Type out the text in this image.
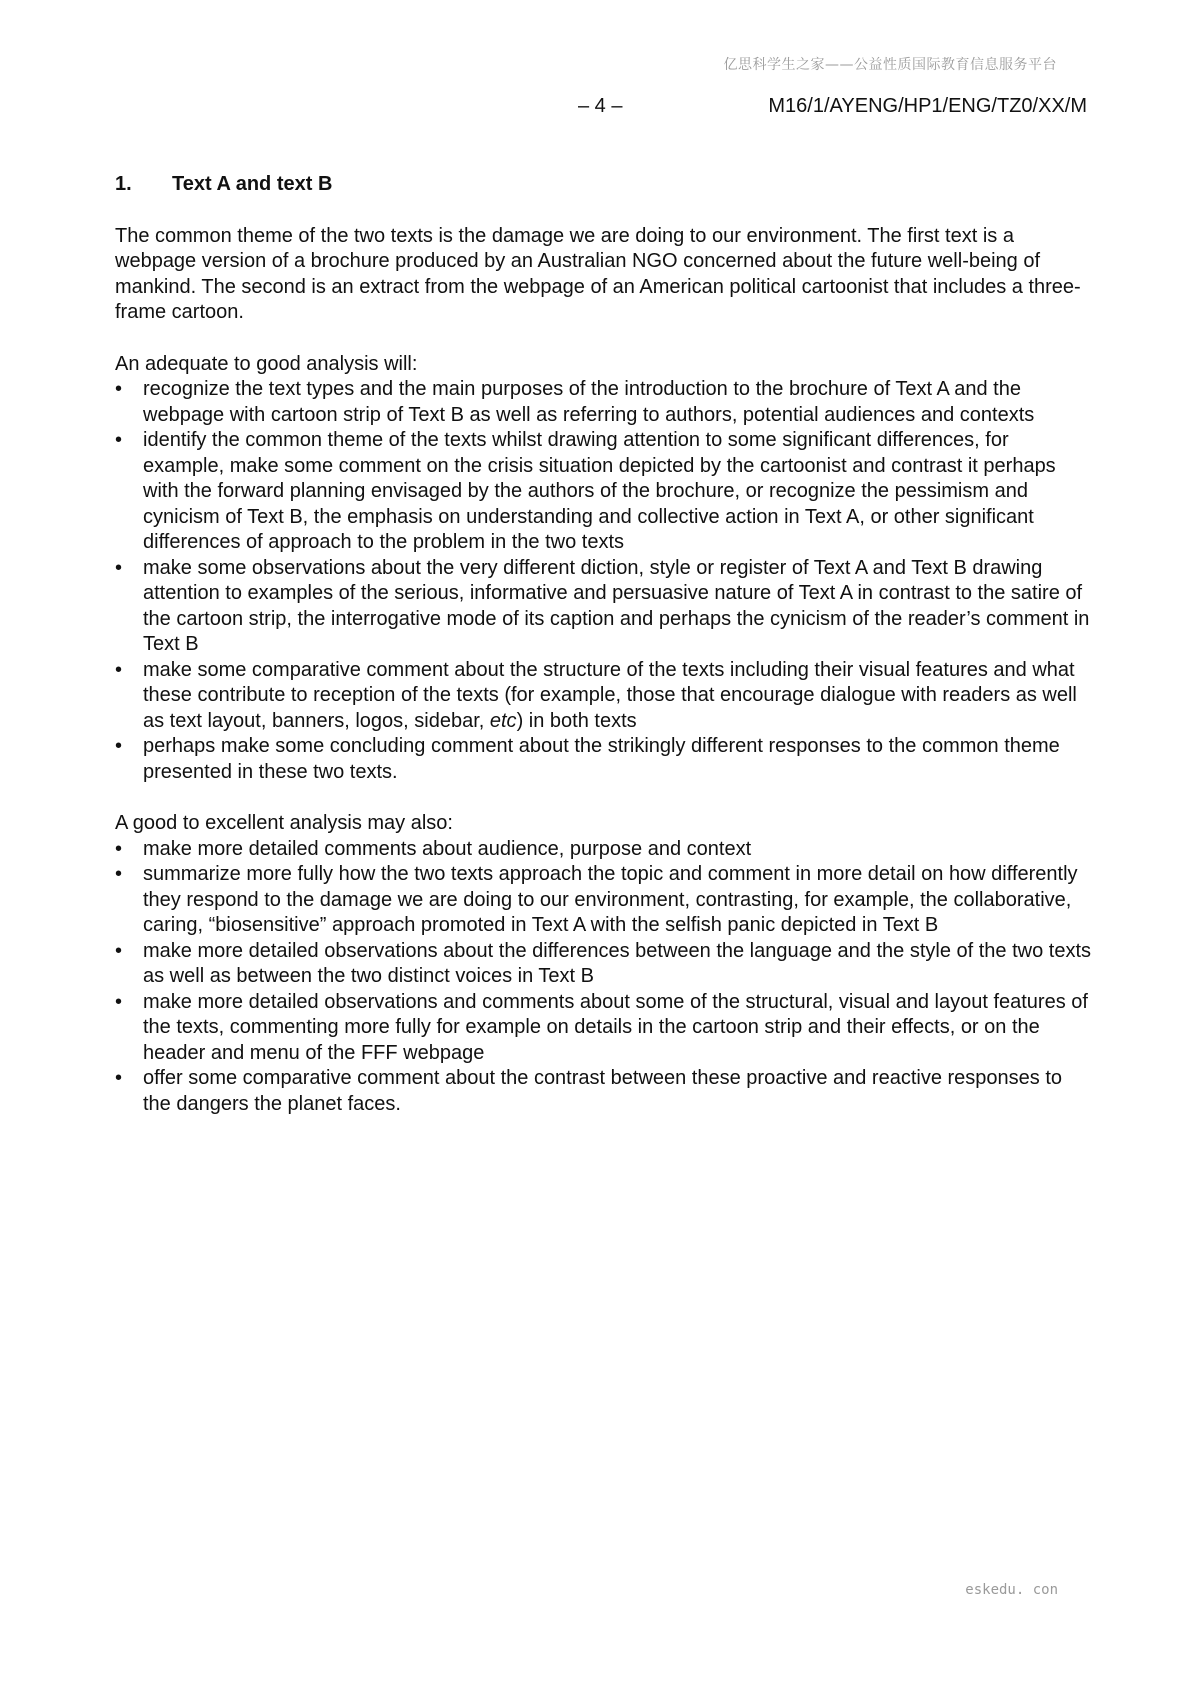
亿思科学生之家——公益性质国际教育信息服务平台
– 4 –	M16/1/AYENG/HP1/ENG/TZ0/XX/M
1.	Text A and text B

The common theme of the two texts is the damage we are doing to our environment. The first text is a webpage version of a brochure produced by an Australian NGO concerned about the future well-being of mankind. The second is an extract from the webpage of an American political cartoonist that includes a three-frame cartoon.

An adequate to good analysis will:

•	recognize the text types and the main purposes of the introduction to the brochure of Text A and the webpage with cartoon strip of Text B as well as referring to authors, potential audiences and contexts
•	identify the common theme of the texts whilst drawing attention to some significant differences, for example, make some comment on the crisis situation depicted by the cartoonist and contrast it perhaps with the forward planning envisaged by the authors of the brochure, or recognize the pessimism and cynicism of Text B, the emphasis on understanding and collective action in Text A, or other significant differences of approach to the problem in the two texts
•	make some observations about the very different diction, style or register of Text A and Text B drawing attention to examples of the serious, informative and persuasive nature of Text A in contrast to the satire of the cartoon strip, the interrogative mode of its caption and perhaps the cynicism of the reader’s comment in Text B
•	make some comparative comment about the structure of the texts including their visual features and what these contribute to reception of the texts (for example, those that encourage dialogue with readers as well as text layout, banners, logos, sidebar, etc) in both texts
•	perhaps make some concluding comment about the strikingly different responses to the common theme presented in these two texts.

A good to excellent analysis may also:

•	make more detailed comments about audience, purpose and context
•	summarize more fully how the two texts approach the topic and comment in more detail on how differently they respond to the damage we are doing to our environment, contrasting, for example, the collaborative, caring, “biosensitive” approach promoted in Text A with the selfish panic depicted in Text B
•	make more detailed observations about the differences between the language and the style of the two texts as well as between the two distinct voices in Text B
•	make more detailed observations and comments about some of the structural, visual and layout features of the texts, commenting more fully for example on details in the cartoon strip and their effects, or on the header and menu of the FFF webpage
•	offer some comparative comment about the contrast between these proactive and reactive responses to the dangers the planet faces.
eskedu. con
